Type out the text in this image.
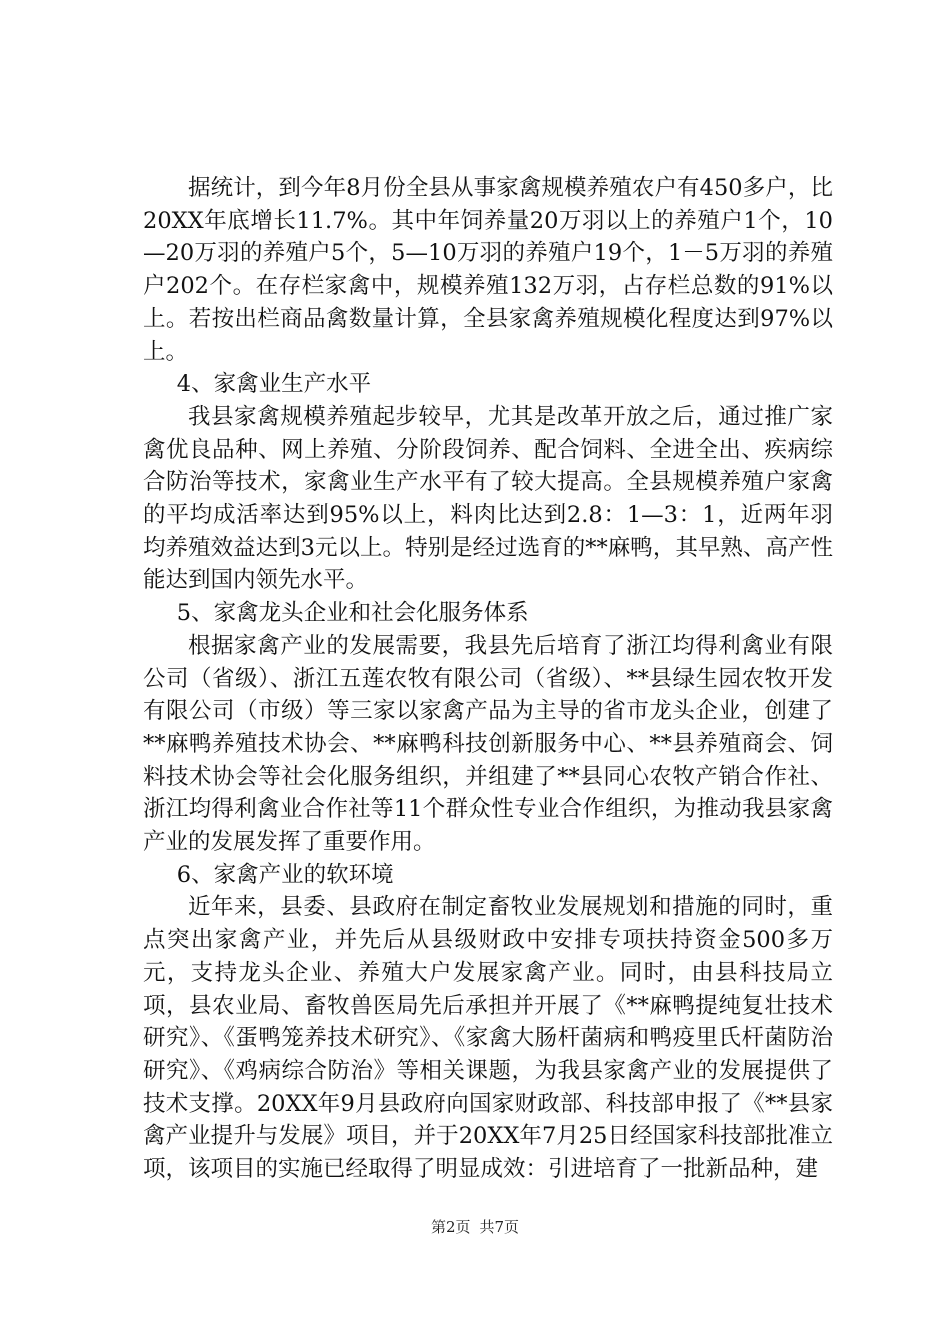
据统计，到今年8月份全县从事家禽规模养殖农户有450多户，比20XX年底增长11.7%。其中年饲养量20万羽以上的养殖户1个，10—20万羽的养殖户5个，5—10万羽的养殖户19个，1－5万羽的养殖户202个。在存栏家禽中，规模养殖132万羽，占存栏总数的91%以上。若按出栏商品禽数量计算，全县家禽养殖规模化程度达到97%以上。

4、家禽业生产水平

我县家禽规模养殖起步较早，尤其是改革开放之后，通过推广家禽优良品种、网上养殖、分阶段饲养、配合饲料、全进全出、疾病综合防治等技术，家禽业生产水平有了较大提高。全县规模养殖户家禽的平均成活率达到95%以上，料肉比达到2.8：1—3：1，近两年羽均养殖效益达到3元以上。特别是经过选育的**麻鸭，其早熟、高产性能达到国内领先水平。

5、家禽龙头企业和社会化服务体系

根据家禽产业的发展需要，我县先后培育了浙江均得利禽业有限公司（省级）、浙江五莲农牧有限公司（省级）、**县绿生园农牧开发有限公司（市级）等三家以家禽产品为主导的省市龙头企业，创建了**麻鸭养殖技术协会、**麻鸭科技创新服务中心、**县养殖商会、饲料技术协会等社会化服务组织，并组建了**县同心农牧产销合作社、浙江均得利禽业合作社等11个群众性专业合作组织，为推动我县家禽产业的发展发挥了重要作用。

6、家禽产业的软环境

近年来，县委、县政府在制定畜牧业发展规划和措施的同时，重点突出家禽产业，并先后从县级财政中安排专项扶持资金500多万元，支持龙头企业、养殖大户发展家禽产业。同时，由县科技局立项，县农业局、畜牧兽医局先后承担并开展了《**麻鸭提纯复壮技术研究》、《蛋鸭笼养技术研究》、《家禽大肠杆菌病和鸭疫里氏杆菌防治研究》、《鸡病综合防治》等相关课题，为我县家禽产业的发展提供了技术支撑。20XX年9月县政府向国家财政部、科技部申报了《**县家禽产业提升与发展》项目，并于20XX年7月25日经国家科技部批准立项，该项目的实施已经取得了明显成效：引进培育了一批新品种，建

第2页 共7页
